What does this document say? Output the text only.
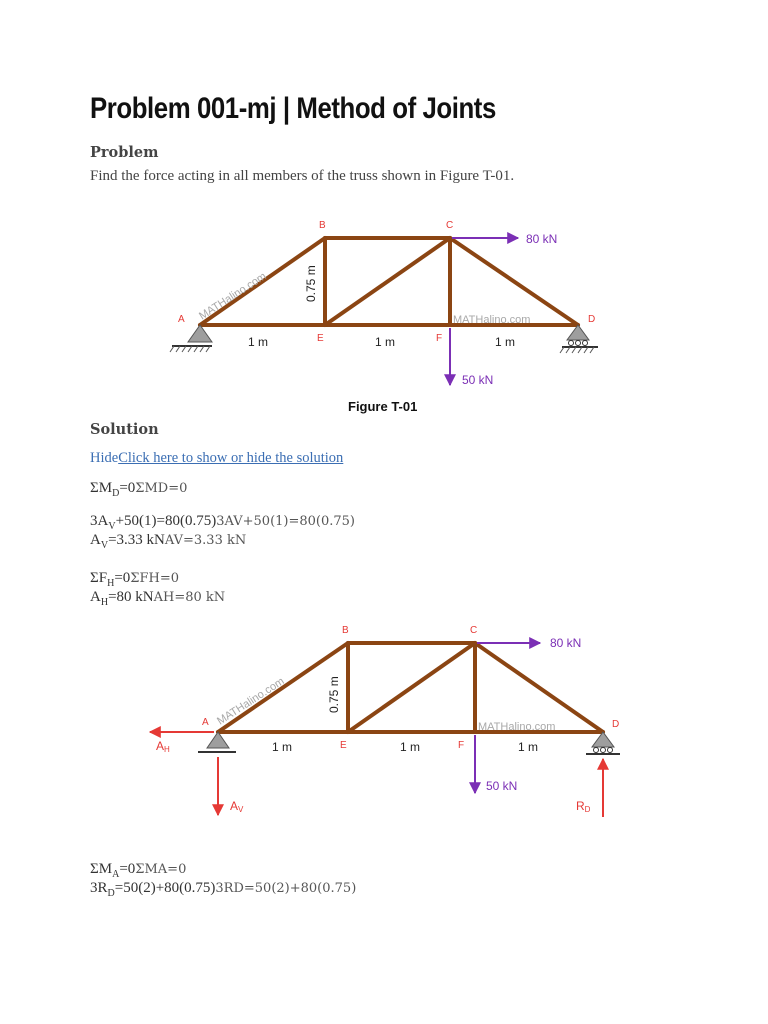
Problem 001-mj | Method of Joints
Problem

Find the force acting in all members of the truss shown in Figure T-01.

80 kN
50 kN
A
B	C
D
E	F
1 m	1 m	1 m
0.75 m
MATHalino.com	MATHalino.com
Figure T-01
Solution
HideClick here to show or hide the solution
$\Sigma M_D=0\Sigma MD=0$
$3A_V+50(1)=80(0.75)3AV+50(1)=80(0.75)$
$A_V=3.33$ kNAV=3.33 kN
$\Sigma F_H=0\Sigma FH=0$
$A_H=80$ kNAH=80 kN
AH
AV	RD
80 kN
50 kN
A
B	C
D
E	F
1 m	1 m	1 m
0.75 m
MATHalino.com	MATHalino.com
$\Sigma M_A=0\Sigma MA=0$
$3R_D=50(2)+80(0.75)3RD=50(2)+80(0.75)$
